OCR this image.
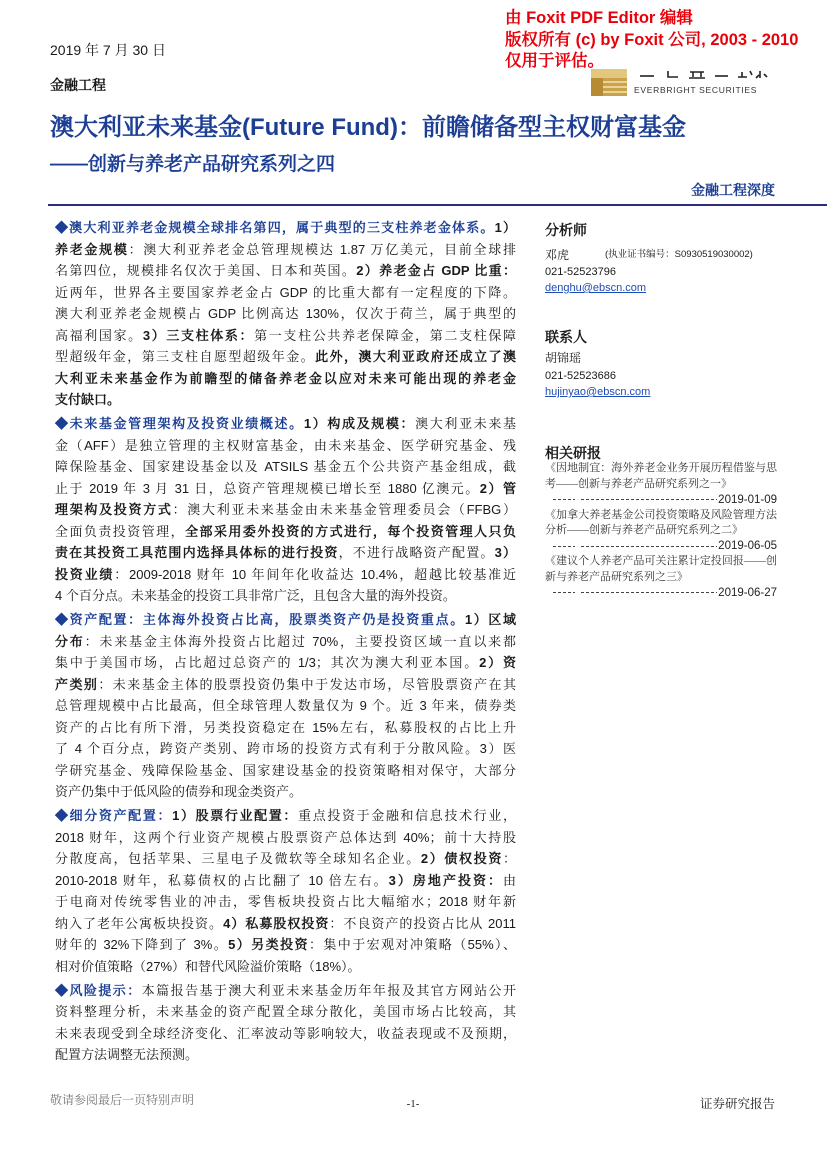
2019 年 7 月 30 日
金融工程	EVERBRIGHT SECURITIES
由 Foxit PDF Editor 编辑
版权所有 (c) by Foxit 公司, 2003 - 2010
仅用于评估。
澳大利亚未来基金(Future Fund)：前瞻储备型主权财富基金
——创新与养老产品研究系列之四
金融工程深度
◆澳大利亚养老金规模全球排名第四，属于典型的三支柱养老金体系。1）
养老金规模：澳大利亚养老金总管理规模达 1.87 万亿美元，目前全球排
名第四位，规模排名仅次于美国、日本和英国。2）养老金占 GDP 比重：
近两年，世界各主要国家养老金占 GDP 的比重大都有一定程度的下降。
澳大利亚养老金规模占 GDP 比例高达 130%，仅次于荷兰，属于典型的
高福利国家。3）三支柱体系：第一支柱公共养老保障金，第二支柱保障
型超级年金，第三支柱自愿型超级年金。此外，澳大利亚政府还成立了澳
大利亚未来基金作为前瞻型的储备养老金以应对未来可能出现的养老金
支付缺口。
◆未来基金管理架构及投资业绩概述。1）构成及规模：澳大利亚未来基
金（AFF）是独立管理的主权财富基金，由未来基金、医学研究基金、残
障保险基金、国家建设基金以及 ATSILS 基金五个公共资产基金组成，截
止于 2019 年 3 月 31 日，总资产管理规模已增长至 1880 亿澳元。2）管
理架构及投资方式：澳大利亚未来基金由未来基金管理委员会（FFBG）
全面负责投资管理，全部采用委外投资的方式进行，每个投资管理人只负
责在其投资工具范围内选择具体标的进行投资，不进行战略资产配置。3）
投资业绩：2009-2018 财年 10 年间年化收益达 10.4%，超越比较基准近
4 个百分点。未来基金的投资工具非常广泛，且包含大量的海外投资。
◆资产配置：主体海外投资占比高，股票类资产仍是投资重点。1）区域
分布：未来基金主体海外投资占比超过 70%，主要投资区域一直以来都
集中于美国市场，占比超过总资产的 1/3；其次为澳大利亚本国。2）资
产类别：未来基金主体的股票投资仍集中于发达市场，尽管股票资产在其
总管理规模中占比最高，但全球管理人数量仅为 9 个。近 3 年来，债券类
资产的占比有所下滑，另类投资稳定在 15%左右，私募股权的占比上升
了 4 个百分点，跨资产类别、跨市场的投资方式有利于分散风险。3）医
学研究基金、残障保险基金、国家建设基金的投资策略相对保守，大部分
资产仍集中于低风险的债券和现金类资产。
◆细分资产配置：1）股票行业配置：重点投资于金融和信息技术行业，
2018 财年，这两个行业资产规模占股票资产总体达到 40%；前十大持股
分散度高，包括苹果、三星电子及微软等全球知名企业。2）债权投资：
2010-2018 财年，私募债权的占比翻了 10 倍左右。3）房地产投资：由
于电商对传统零售业的冲击，零售板块投资占比大幅缩水；2018 财年新
纳入了老年公寓板块投资。4）私募股权投资：不良资产的投资占比从 2011
财年的 32%下降到了 3%。5）另类投资：集中于宏观对冲策略（55%）、
相对价值策略（27%）和替代风险溢价策略（18%）。
◆风险提示：本篇报告基于澳大利亚未来基金历年年报及其官方网站公开
资料整理分析，未来基金的资产配置全球分散化，美国市场占比较高，其
未来表现受到全球经济变化、汇率波动等影响较大，收益表现或不及预期，
配置方法调整无法预测。
分析师
邓虎	(执业证书编号：S0930519030002)
021-52523796
denghu@ebscn.com
联系人
胡锦瑶
021-52523686
hujinyao@ebscn.com
相关研报
《因地制宜：海外养老金业务开展历程借鉴与思考——创新与养老产品研究系列之一》
2019-01-09
《加拿大养老基金公司投资策略及风险管理方法分析——创新与养老产品研究系列之二》
2019-06-05
《建议个人养老产品可关注累计定投回报——创新与养老产品研究系列之三》
2019-06-27
敬请参阅最后一页特别声明	-1-	证券研究报告
